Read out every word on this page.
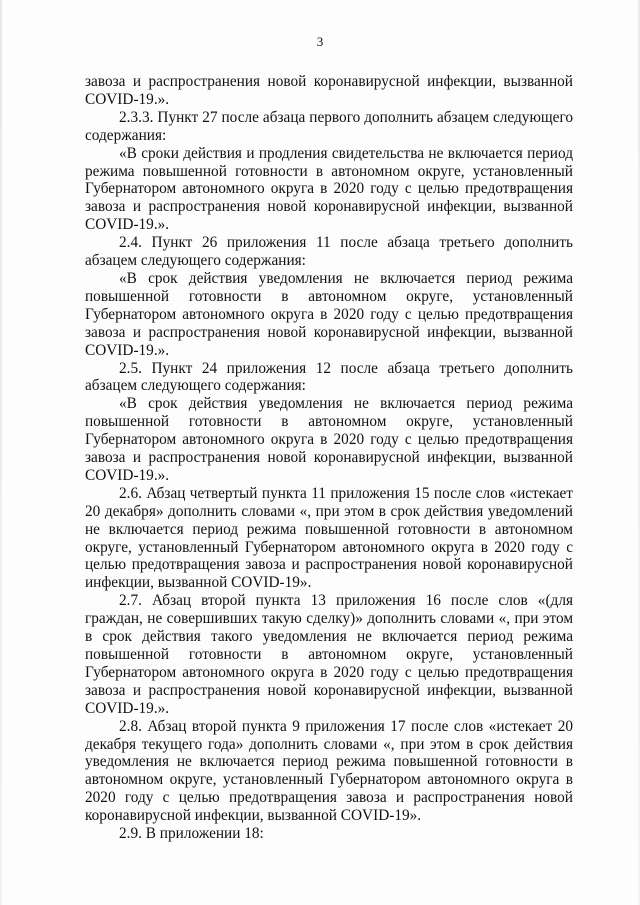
3

завоза и распространения новой коронавирусной инфекции, вызванной COVID-19.».

2.3.3. Пункт 27 после абзаца первого дополнить абзацем следующего содержания:

«В сроки действия и продления свидетельства не включается период режима повышенной готовности в автономном округе, установленный Губернатором автономного округа в 2020 году с целью предотвращения завоза и распространения новой коронавирусной инфекции, вызванной COVID-19.».

2.4. Пункт 26 приложения 11 после абзаца третьего дополнить абзацем следующего содержания:

«В срок действия уведомления не включается период режима повышенной готовности в автономном округе, установленный Губернатором автономного округа в 2020 году с целью предотвращения завоза и распространения новой коронавирусной инфекции, вызванной COVID-19.».

2.5. Пункт 24 приложения 12 после абзаца третьего дополнить абзацем следующего содержания:

«В срок действия уведомления не включается период режима повышенной готовности в автономном округе, установленный Губернатором автономного округа в 2020 году с целью предотвращения завоза и распространения новой коронавирусной инфекции, вызванной COVID-19.».

2.6. Абзац четвертый пункта 11 приложения 15 после слов «истекает 20 декабря» дополнить словами «, при этом в срок действия уведомлений не включается период режима повышенной готовности в автономном округе, установленный Губернатором автономного округа в 2020 году с целью предотвращения завоза и распространения новой коронавирусной инфекции, вызванной COVID-19».

2.7. Абзац второй пункта 13 приложения 16 после слов «(для граждан, не совершивших такую сделку)» дополнить словами «, при этом в срок действия такого уведомления не включается период режима повышенной готовности в автономном округе, установленный Губернатором автономного округа в 2020 году с целью предотвращения завоза и распространения новой коронавирусной инфекции, вызванной COVID-19.».

2.8. Абзац второй пункта 9 приложения 17 после слов «истекает 20 декабря текущего года» дополнить словами «, при этом в срок действия уведомления не включается период режима повышенной готовности в автономном округе, установленный Губернатором автономного округа в 2020 году с целью предотвращения завоза и распространения новой коронавирусной инфекции, вызванной COVID-19».

2.9. В приложении 18:
